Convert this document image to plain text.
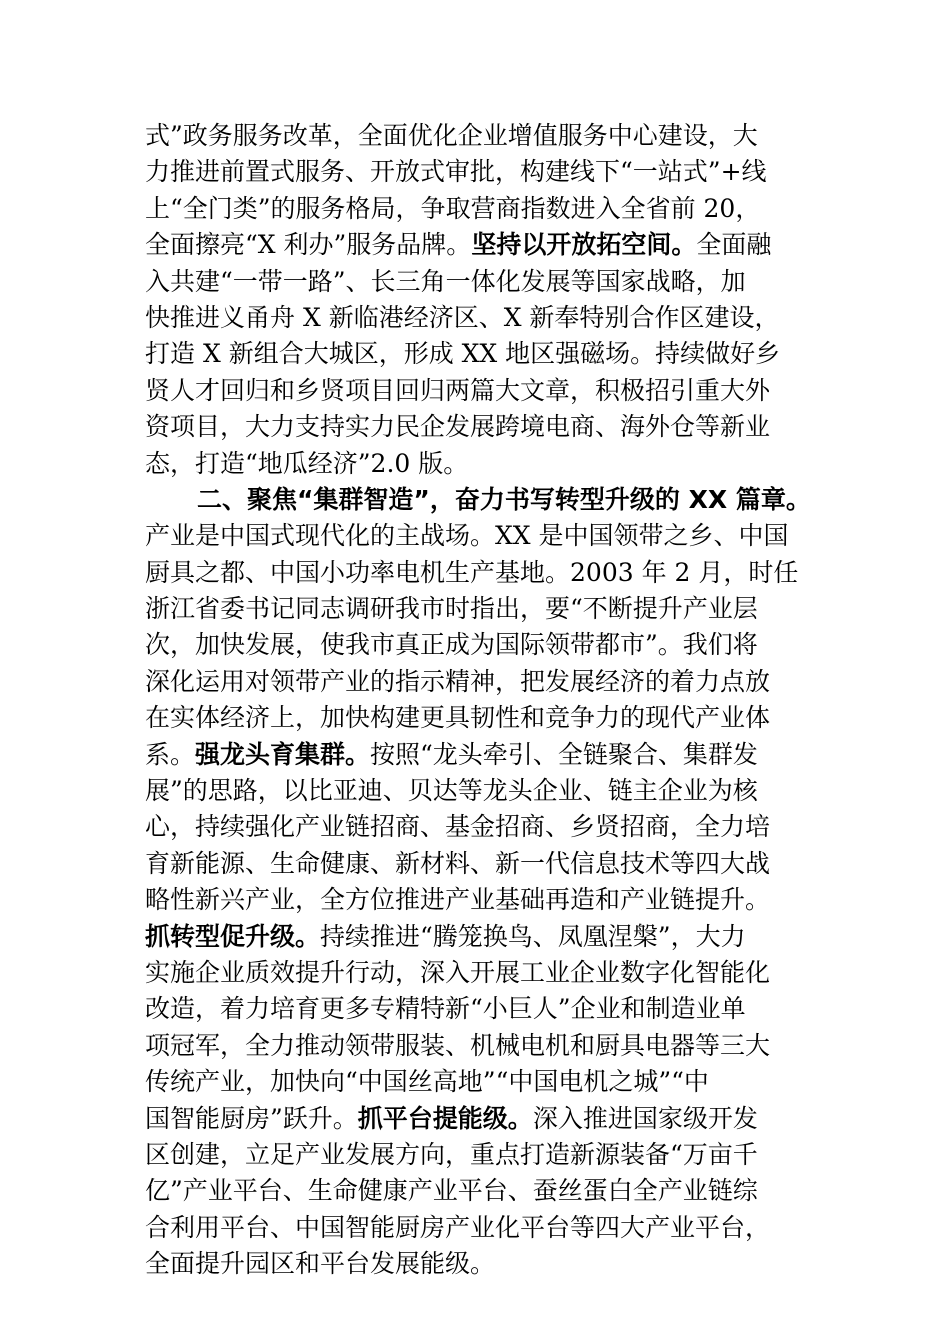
式”政务服务改革，全面优化企业增值服务中心建设，大
力推进前置式服务、开放式审批，构建线下“一站式”+线
上“全门类”的服务格局，争取营商指数进入全省前 20，
全面擦亮“X 利办”服务品牌。坚持以开放拓空间。全面融
入共建“一带一路”、长三角一体化发展等国家战略，加
快推进义甬舟 X 新临港经济区、X 新奉特别合作区建设，
打造 X 新组合大城区，形成 XX 地区强磁场。持续做好乡
贤人才回归和乡贤项目回归两篇大文章，积极招引重大外
资项目，大力支持实力民企发展跨境电商、海外仓等新业
态，打造“地瓜经济”2.0 版。
二、聚焦“集群智造”，奋力书写转型升级的 XX 篇章。
产业是中国式现代化的主战场。XX 是中国领带之乡、中国
厨具之都、中国小功率电机生产基地。2003 年 2 月，时任
浙江省委书记同志调研我市时指出，要“不断提升产业层
次，加快发展，使我市真正成为国际领带都市”。我们将
深化运用对领带产业的指示精神，把发展经济的着力点放
在实体经济上，加快构建更具韧性和竞争力的现代产业体
系。强龙头育集群。按照“龙头牵引、全链聚合、集群发
展”的思路，以比亚迪、贝达等龙头企业、链主企业为核
心，持续强化产业链招商、基金招商、乡贤招商，全力培
育新能源、生命健康、新材料、新一代信息技术等四大战
略性新兴产业，全方位推进产业基础再造和产业链提升。
抓转型促升级。持续推进“腾笼换鸟、凤凰涅槃”，大力
实施企业质效提升行动，深入开展工业企业数字化智能化
改造，着力培育更多专精特新“小巨人”企业和制造业单
项冠军，全力推动领带服装、机械电机和厨具电器等三大
传统产业，加快向“中国丝高地”“中国电机之城”“中
国智能厨房”跃升。抓平台提能级。深入推进国家级开发
区创建，立足产业发展方向，重点打造新源装备“万亩千
亿”产业平台、生命健康产业平台、蚕丝蛋白全产业链综
合利用平台、中国智能厨房产业化平台等四大产业平台，
全面提升园区和平台发展能级。
